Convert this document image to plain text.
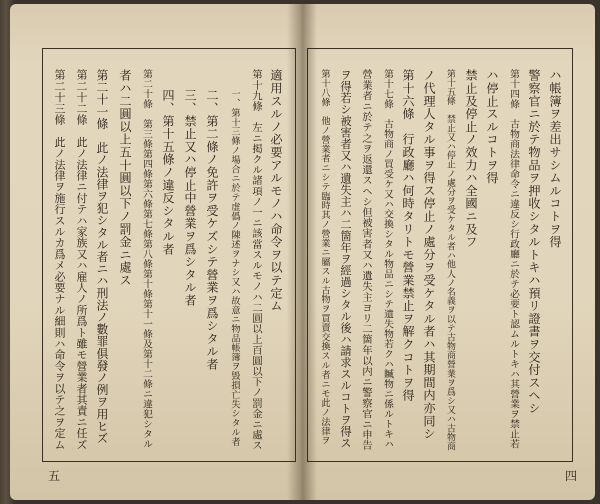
適用スルノ必要アルモノハ命令ヲ以テ定ム
第十九條　左ニ掲クル諸項ノ一ニ該當スルモノハ二圓以上百圓以下ノ罰金ニ處ス
一、第十三條ノ場合ニ於テ虚僞ノ陳述ヲナシ又ハ故意ニ物品帳簿ヲ毀損亡失シタル者
二、第二條ノ免許ヲ受ケズシテ營業ヲ爲シタル者
三、禁止又ハ停止中營業ヲ爲シタル者
四、第十五條ノ違反シタル者
第二十條　第三條第四條第六條第七條第八條第十條第十一條及第十二條ニ違犯シタル
者ハ二圓以上五十圓以下ノ罰金ニ處ス
第二十一條　此ノ法律ヲ犯シタル者ニハ刑法ノ數罪俱發ノ例ヲ用ヒズ
第二十二條　此ノ法律ニ付テハ家族又ハ雇人ノ所爲ト雖モ營業者其責ニ任ズ
第二十三條　此ノ法律ヲ施行スルカ爲メ必要ナル細則ハ命令ヲ以テ之ヲ定ム
五
ハ帳簿ヲ差出サシムルコトヲ得
警察官ニ於テ物品ヲ押收シタルトキハ預リ證書ヲ交付スヘシ
第十四條　古物商法律命令ニ違反シ行政廳ニ於テ必要ト認ムルトキハ其營業ヲ禁止若
ハ停止スルコトヲ得
禁止及停止ノ效力ハ全國ニ及フ
第十五條　禁止又ハ停止ノ處分ヲ受ケタル者ハ他人ノ名義ヲ以テ古物商營業ヲ爲シ又ハ古物商
ノ代理人タル事ヲ得ス停止ノ處分ヲ受ケタル者ハ其期間内亦同シ
第十六條　行政廳ハ何時タリトモ營業禁止ヲ解クコトヲ得
第十七條　古物商ノ買受ケ又ハ交換シタル物品ニシテ遺失物若クハ贓物ニ係ルトキハ
營業者ニ於テ之ヲ返還スヘシ但被害者又ハ遺失主ヨリ二箇年以内ニ警察官ニ申告
ヲ得若シ被害者又ハ遺失主ハ二箇年ヲ經過シタル後ハ請求スルコトヲ得ス
第十八條　他ノ營業者ニシテ臨時其ノ營業ニ屬スル古物ヲ買賣交換スル者ニモ此ノ法律ヲ
四
